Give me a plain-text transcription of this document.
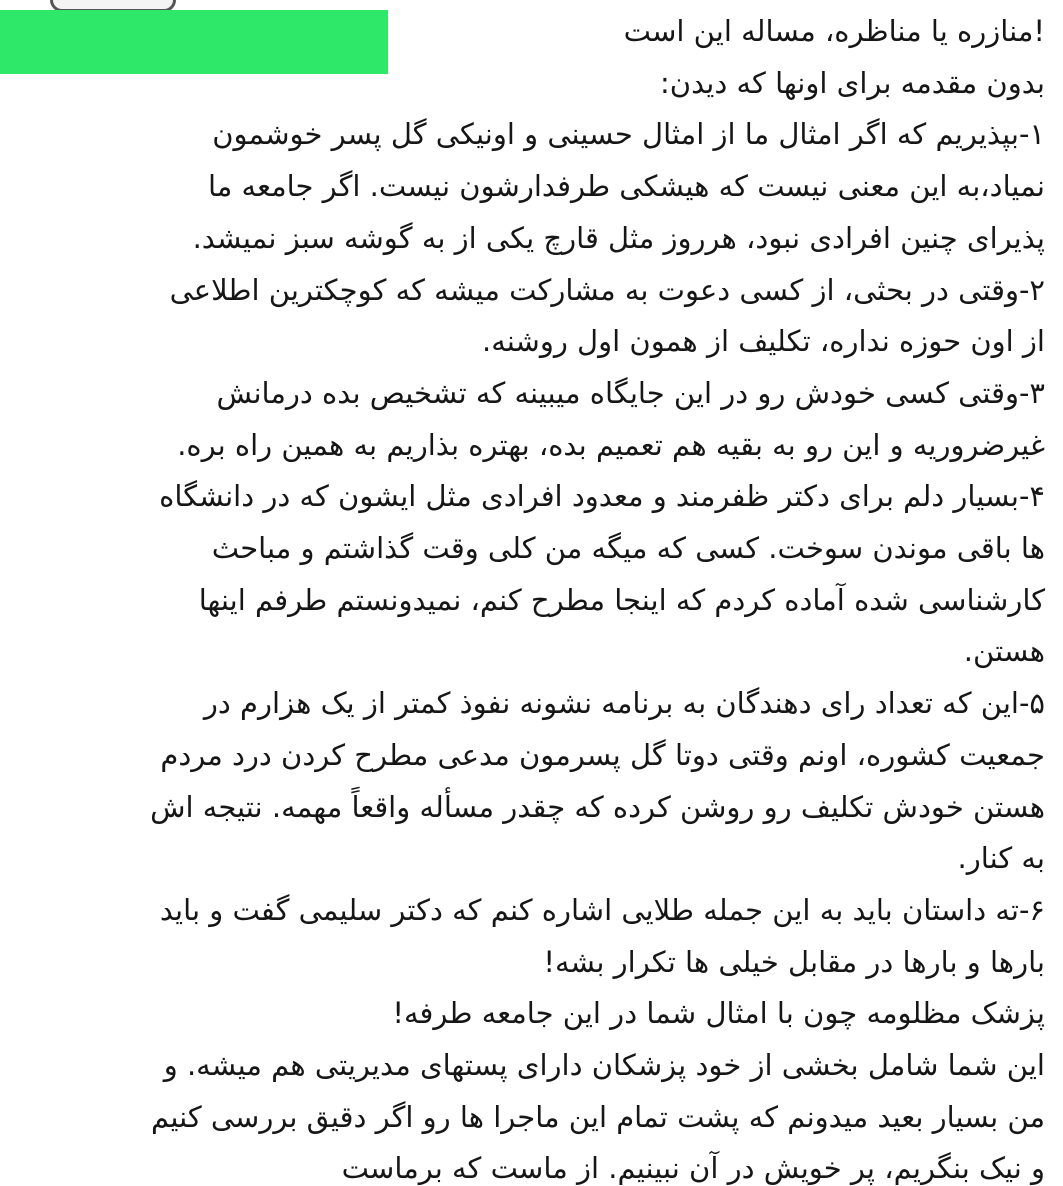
!منازره یا مناظره، مساله این است
بدون مقدمه برای اونها که دیدن:
۱-بپذیریم که اگر امثال ما از امثال حسینی و اونیکی گل پسر خوشمون
نمیاد،به این معنی نیست که هیشکی طرفدارشون نیست. اگر جامعه ما
پذیرای چنین افرادی نبود، هرروز مثل قارچ یکی از به گوشه سبز نمیشد.
۲-وقتی در بحثی، از کسی دعوت به مشارکت میشه که کوچکترین اطلاعی
از اون حوزه نداره، تکلیف از همون اول روشنه.
۳-وقتی کسی خودش رو در این جایگاه میبینه که تشخیص بده درمانش
غیرضروریه و این رو به بقیه هم تعمیم بده، بهتره بذاریم به همین راه بره.
۴-بسیار دلم برای دکتر ظفرمند و معدود افرادی مثل ایشون که در دانشگاه
ها باقی موندن سوخت. کسی که میگه من کلی وقت گذاشتم و مباحث
کارشناسی شده آماده کردم که اینجا مطرح کنم، نمیدونستم طرفم اینها
هستن.
۵-این که تعداد رای دهندگان به برنامه نشونه نفوذ کمتر از یک هزارم در
جمعیت کشوره، اونم وقتی دوتا گل پسرمون مدعی مطرح کردن درد مردم
هستن خودش تکلیف رو روشن کرده که چقدر مسأله واقعاً مهمه. نتیجه اش
به کنار.
۶-ته داستان باید به این جمله طلایی اشاره کنم که دکتر سلیمی گفت و باید
بارها و بارها در مقابل خیلی ها تکرار بشه!
پزشک مظلومه چون با امثال شما در این جامعه طرفه!
این شما شامل بخشی از خود پزشکان دارای پستهای مدیریتی هم میشه. و
من بسیار بعید میدونم که پشت تمام این ماجرا ها رو اگر دقیق بررسی کنیم
و نیک بنگریم، پر خویش در آن نبینیم. از ماست که برماست
